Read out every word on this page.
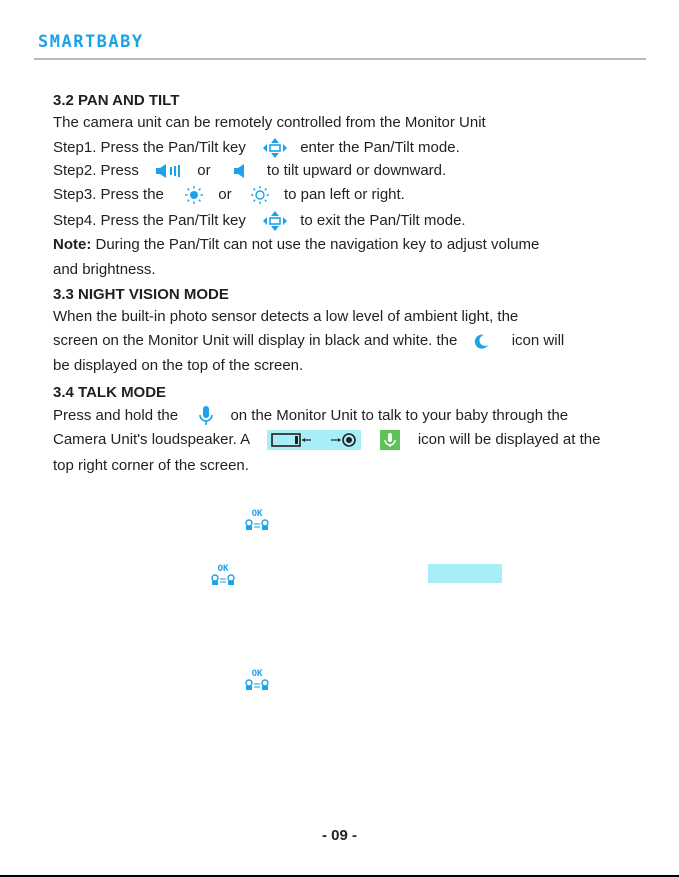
SMARTBABY
3.2 PAN AND TILT
The camera unit can be remotely controlled from the Monitor Unit
Step1. Press the Pan/Tilt key	enter the Pan/Tilt mode.
Step2. Press	or	to tilt upward or downward.
Step3. Press the	or	to pan left or right.
Step4. Press the Pan/Tilt key	to exit the Pan/Tilt mode.
Note: During the Pan/Tilt can not use the navigation key to adjust volume
and brightness.
3.3 NIGHT VISION MODE
When the built-in photo sensor detects a low level of ambient light, the
screen on the Monitor Unit will display in black and white. the	icon will
be displayed on the top of the screen.
3.4 TALK MODE
Press and hold the	on the Monitor Unit to talk to your baby through the
Camera Unit's loudspeaker. A
	icon will be displayed at the
top right corner of the screen.
OK
OK
OK
- 09 -
